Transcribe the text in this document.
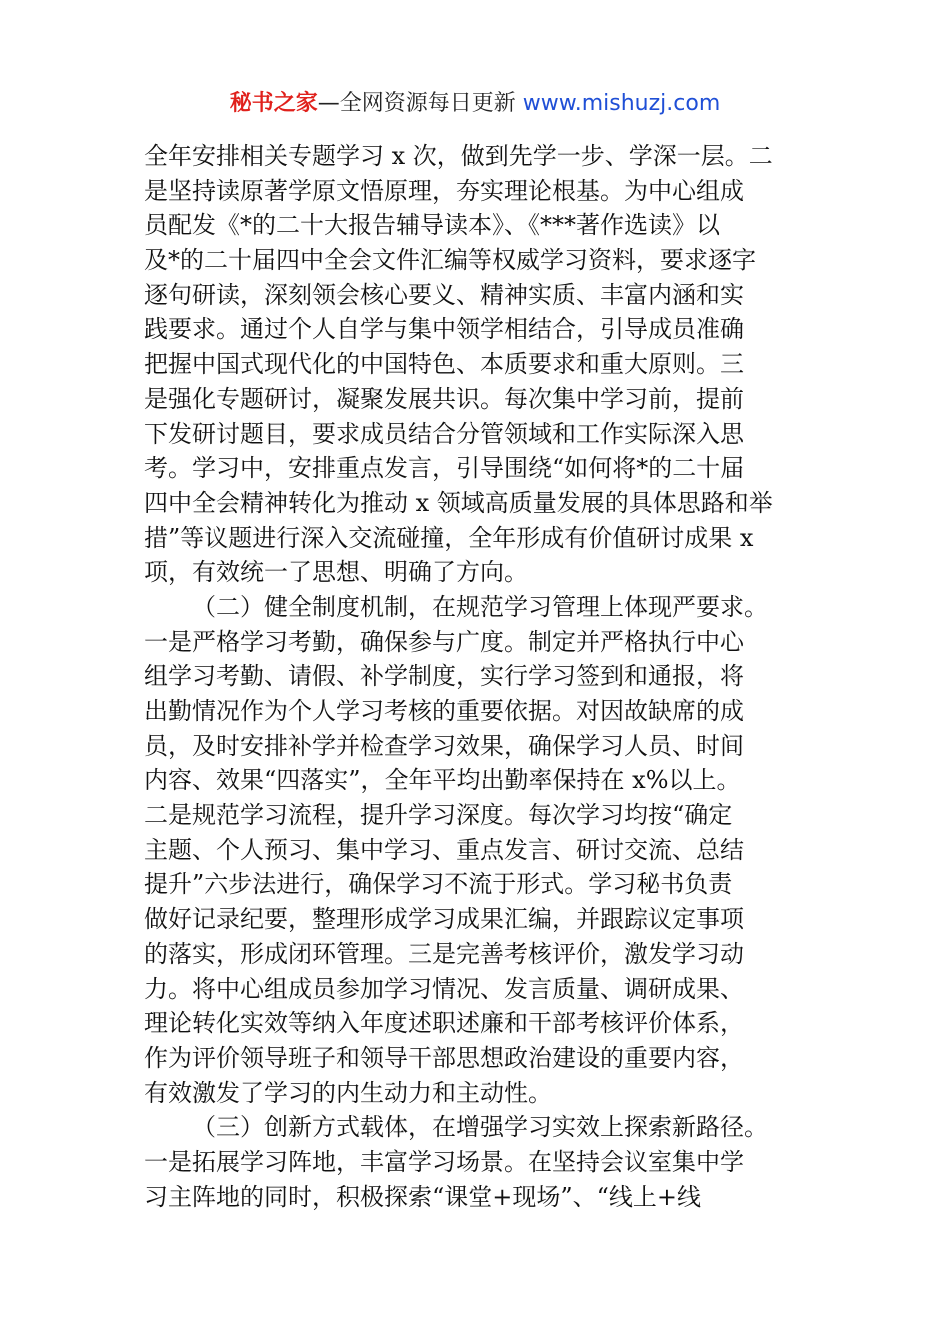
秘书之家—全网资源每日更新 www.mishuzj.com
全年安排相关专题学习 x 次，做到先学一步、学深一层。二
是坚持读原著学原文悟原理，夯实理论根基。为中心组成
员配发《*的二十大报告辅导读本》、《***著作选读》以
及*的二十届四中全会文件汇编等权威学习资料，要求逐字
逐句研读，深刻领会核心要义、精神实质、丰富内涵和实
践要求。通过个人自学与集中领学相结合，引导成员准确
把握中国式现代化的中国特色、本质要求和重大原则。三
是强化专题研讨，凝聚发展共识。每次集中学习前，提前
下发研讨题目，要求成员结合分管领域和工作实际深入思
考。学习中，安排重点发言，引导围绕“如何将*的二十届
四中全会精神转化为推动 x 领域高质量发展的具体思路和举
措”等议题进行深入交流碰撞，全年形成有价值研讨成果 x
项，有效统一了思想、明确了方向。
（二）健全制度机制，在规范学习管理上体现严要求。
一是严格学习考勤，确保参与广度。制定并严格执行中心
组学习考勤、请假、补学制度，实行学习签到和通报，将
出勤情况作为个人学习考核的重要依据。对因故缺席的成
员，及时安排补学并检查学习效果，确保学习人员、时间
内容、效果“四落实”，全年平均出勤率保持在 x%以上。
二是规范学习流程，提升学习深度。每次学习均按“确定
主题、个人预习、集中学习、重点发言、研讨交流、总结
提升”六步法进行，确保学习不流于形式。学习秘书负责
做好记录纪要，整理形成学习成果汇编，并跟踪议定事项
的落实，形成闭环管理。三是完善考核评价，激发学习动
力。将中心组成员参加学习情况、发言质量、调研成果、
理论转化实效等纳入年度述职述廉和干部考核评价体系，
作为评价领导班子和领导干部思想政治建设的重要内容，
有效激发了学习的内生动力和主动性。
（三）创新方式载体，在增强学习实效上探索新路径。
一是拓展学习阵地，丰富学习场景。在坚持会议室集中学
习主阵地的同时，积极探索“课堂+现场”、“线上+线
